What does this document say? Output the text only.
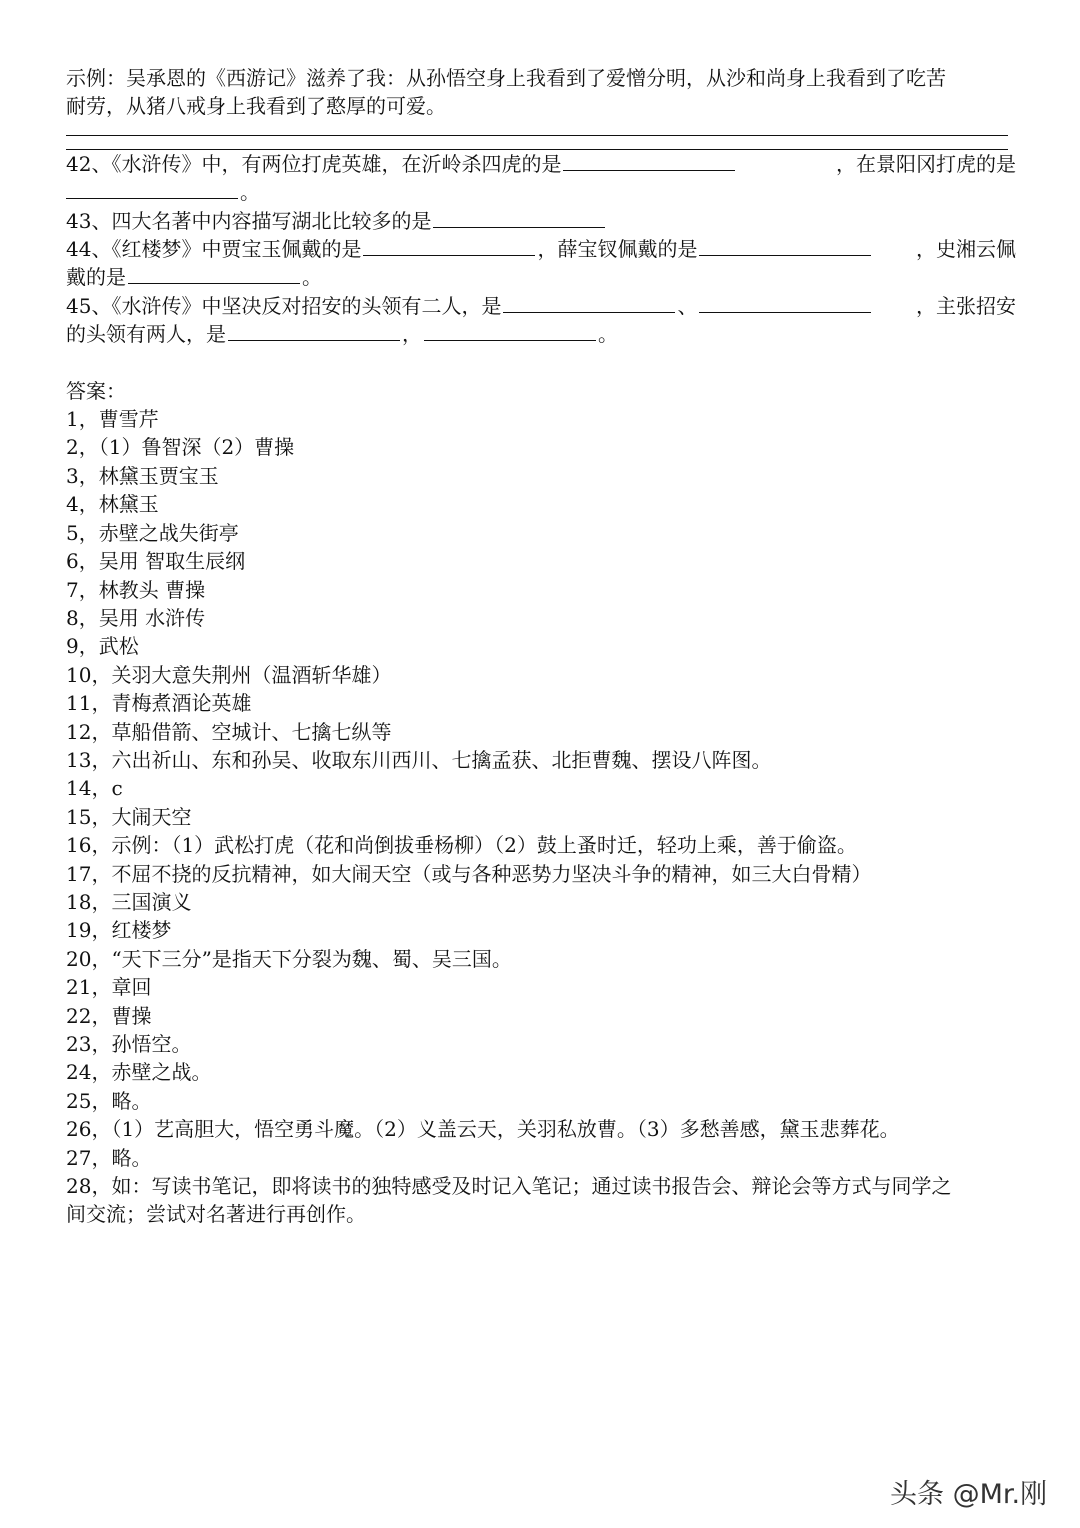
示例：吴承恩的《西游记》滋养了我：从孙悟空身上我看到了爱憎分明，从沙和尚身上我看到了吃苦
耐劳，从猪八戒身上我看到了憨厚的可爱。
42、《水浒传》中，有两位打虎英雄，在沂岭杀四虎的是	，在景阳冈打虎的是
。
43、四大名著中内容描写湖北比较多的是
44、《红楼梦》中贾宝玉佩戴的是	，薛宝钗佩戴的是	，史湘云佩
戴的是	。
45、《水浒传》中坚决反对招安的头领有二人，是	、	，主张招安
的头领有两人，是	，	。
答案：
1，曹雪芹
2，（1）鲁智深（2）曹操
3，林黛玉贾宝玉
4，林黛玉
5，赤壁之战失街亭
6，吴用 智取生辰纲
7，林教头 曹操
8，吴用 水浒传
9，武松
10，关羽大意失荆州（温酒斩华雄）
11，青梅煮酒论英雄
12，草船借箭、空城计、七擒七纵等
13，六出祈山、东和孙吴、收取东川西川、七擒孟获、北拒曹魏、摆设八阵图。
14，c
15，大闹天空
16，示例：（1）武松打虎（花和尚倒拔垂杨柳）（2）鼓上蚤时迁，轻功上乘，善于偷盗。
17，不屈不挠的反抗精神，如大闹天空（或与各种恶势力坚决斗争的精神，如三大白骨精）
18，三国演义
19，红楼梦
20，“天下三分”是指天下分裂为魏、蜀、吴三国。
21，章回
22，曹操
23，孙悟空。
24，赤壁之战。
25，略。
26，（1）艺高胆大，悟空勇斗魔。（2）义盖云天，关羽私放曹。（3）多愁善感，黛玉悲葬花。
27，略。
28，如：写读书笔记，即将读书的独特感受及时记入笔记；通过读书报告会、辩论会等方式与同学之
间交流；尝试对名著进行再创作。
头条 @Mr.刚
